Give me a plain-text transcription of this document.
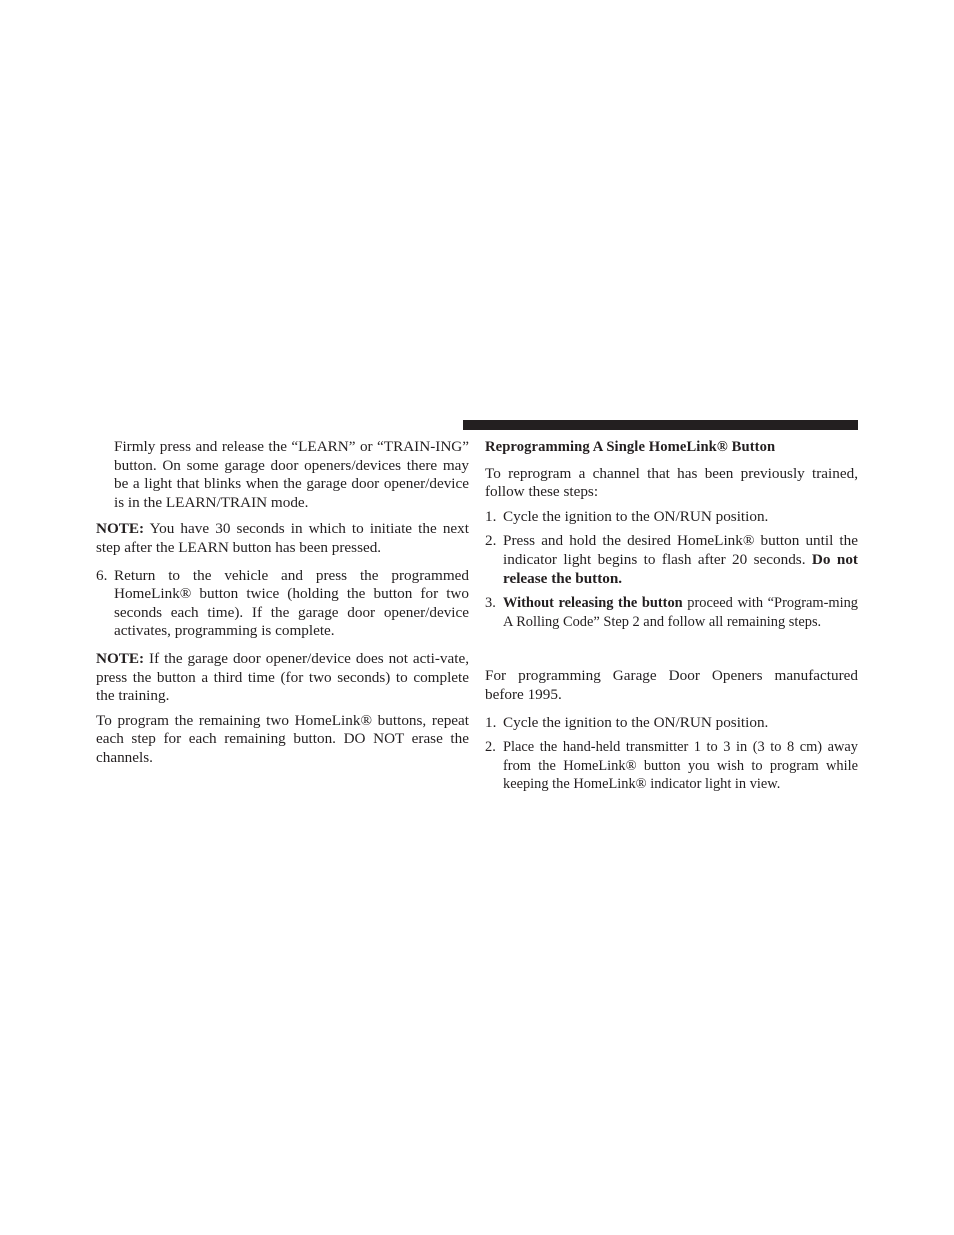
Firmly press and release the “LEARN” or “TRAIN-ING” button. On some garage door openers/devices there may be a light that blinks when the garage door opener/device is in the LEARN/TRAIN mode.

NOTE: You have 30 seconds in which to initiate the next step after the LEARN button has been pressed.

6. Return to the vehicle and press the programmed HomeLink® button twice (holding the button for two seconds each time). If the garage door opener/device activates, programming is complete.

NOTE: If the garage door opener/device does not acti-vate, press the button a third time (for two seconds) to complete the training.

To program the remaining two HomeLink® buttons, repeat each step for each remaining button. DO NOT erase the channels.

Reprogramming A Single HomeLink® Button

To reprogram a channel that has been previously trained, follow these steps:

1. Cycle the ignition to the ON/RUN position.
2. Press and hold the desired HomeLink® button until the indicator light begins to flash after 20 seconds. Do not release the button.
3. Without releasing the button proceed with “Program-ming A Rolling Code” Step 2 and follow all remaining steps.

For programming Garage Door Openers manufactured before 1995.

1. Cycle the ignition to the ON/RUN position.
2. Place the hand-held transmitter 1 to 3 in (3 to 8 cm) away from the HomeLink® button you wish to program while keeping the HomeLink® indicator light in view.
